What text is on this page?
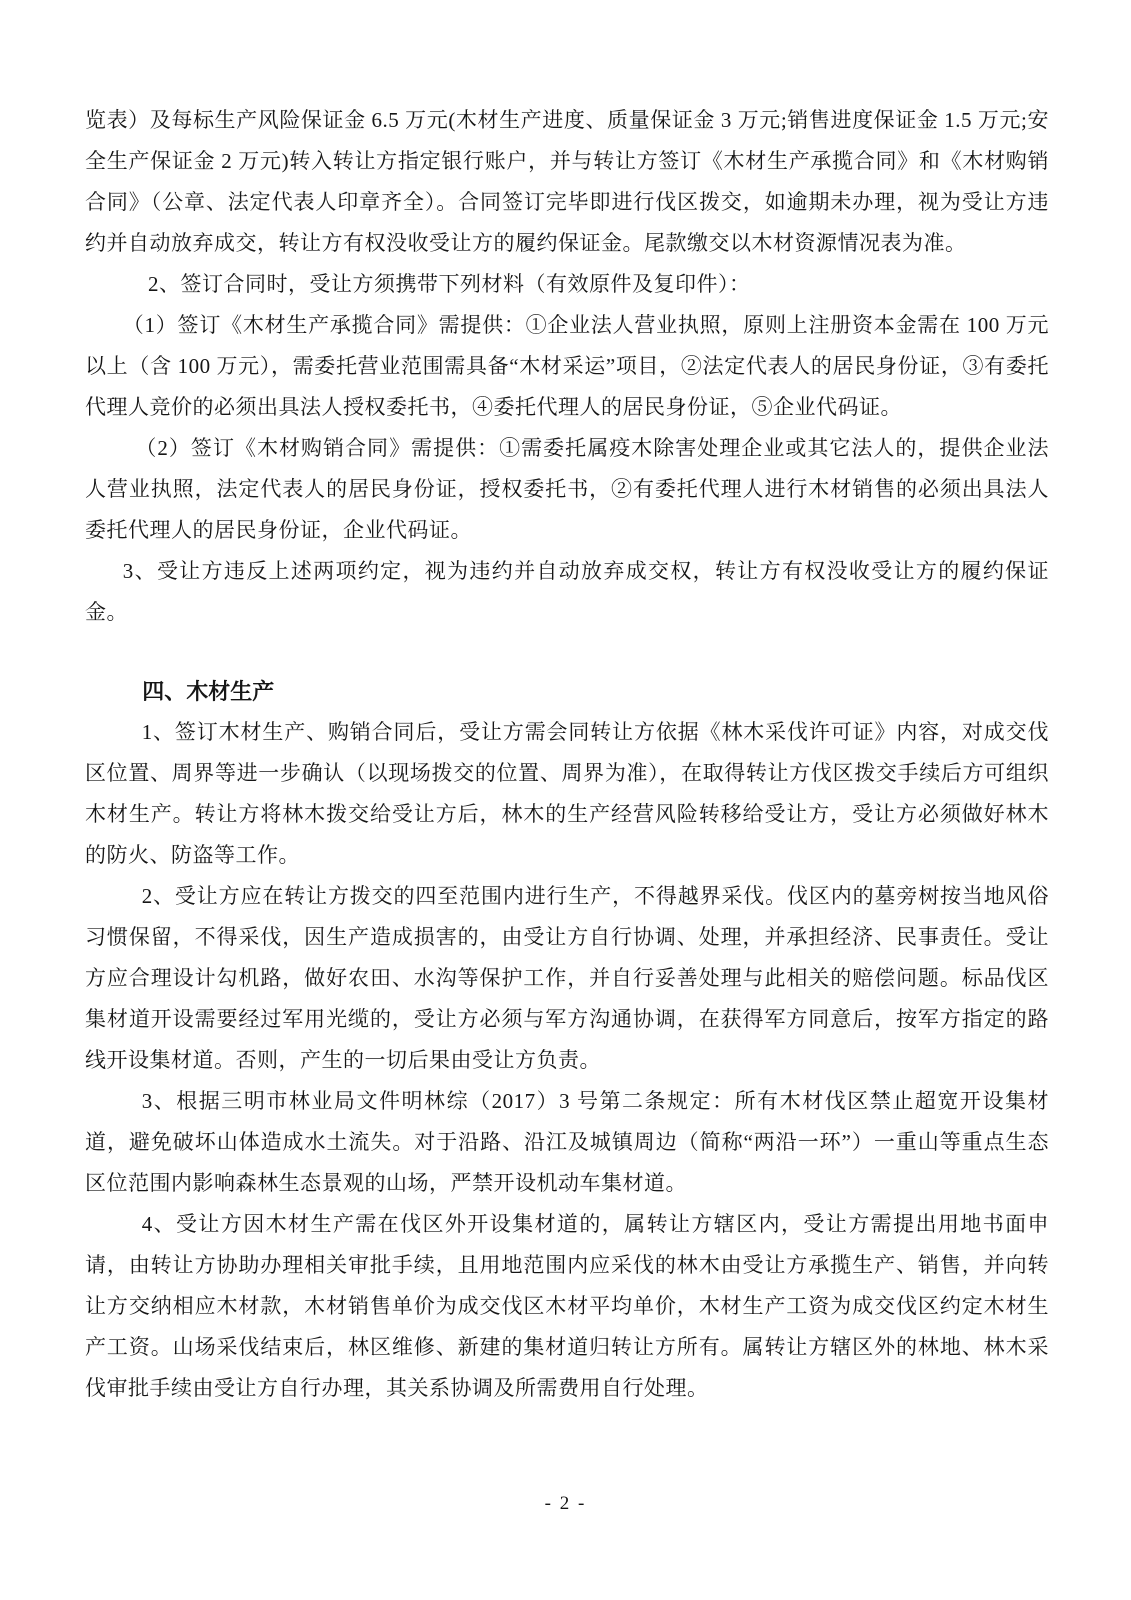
览表）及每标生产风险保证金 6.5 万元(木材生产进度、质量保证金 3 万元;销售进度保证金 1.5 万元;安全生产保证金 2 万元)转入转让方指定银行账户，并与转让方签订《木材生产承揽合同》和《木材购销合同》（公章、法定代表人印章齐全）。合同签订完毕即进行伐区拨交，如逾期未办理，视为受让方违约并自动放弃成交，转让方有权没收受让方的履约保证金。尾款缴交以木材资源情况表为准。

2、签订合同时，受让方须携带下列材料（有效原件及复印件）：

（1）签订《木材生产承揽合同》需提供：①企业法人营业执照，原则上注册资本金需在 100 万元以上（含 100 万元），需委托营业范围需具备“木材采运”项目，②法定代表人的居民身份证，③有委托代理人竞价的必须出具法人授权委托书，④委托代理人的居民身份证，⑤企业代码证。

（2）签订《木材购销合同》需提供：①需委托属疫木除害处理企业或其它法人的，提供企业法人营业执照，法定代表人的居民身份证，授权委托书，②有委托代理人进行木材销售的必须出具法人委托代理人的居民身份证，企业代码证。

3、受让方违反上述两项约定，视为违约并自动放弃成交权，转让方有权没收受让方的履约保证金。

四、木材生产

1、签订木材生产、购销合同后，受让方需会同转让方依据《林木采伐许可证》内容，对成交伐区位置、周界等进一步确认（以现场拨交的位置、周界为准），在取得转让方伐区拨交手续后方可组织木材生产。转让方将林木拨交给受让方后，林木的生产经营风险转移给受让方，受让方必须做好林木的防火、防盗等工作。

2、受让方应在转让方拨交的四至范围内进行生产，不得越界采伐。伐区内的墓旁树按当地风俗习惯保留，不得采伐，因生产造成损害的，由受让方自行协调、处理，并承担经济、民事责任。受让方应合理设计勾机路，做好农田、水沟等保护工作，并自行妥善处理与此相关的赔偿问题。标品伐区集材道开设需要经过军用光缆的，受让方必须与军方沟通协调，在获得军方同意后，按军方指定的路线开设集材道。否则，产生的一切后果由受让方负责。

3、根据三明市林业局文件明林综（2017）3 号第二条规定：所有木材伐区禁止超宽开设集材道，避免破坏山体造成水土流失。对于沿路、沿江及城镇周边（简称“两沿一环”）一重山等重点生态区位范围内影响森林生态景观的山场，严禁开设机动车集材道。

4、受让方因木材生产需在伐区外开设集材道的，属转让方辖区内，受让方需提出用地书面申请，由转让方协助办理相关审批手续，且用地范围内应采伐的林木由受让方承揽生产、销售，并向转让方交纳相应木材款，木材销售单价为成交伐区木材平均单价，木材生产工资为成交伐区约定木材生产工资。山场采伐结束后，林区维修、新建的集材道归转让方所有。属转让方辖区外的林地、林木采伐审批手续由受让方自行办理，其关系协调及所需费用自行处理。

- 2 -
